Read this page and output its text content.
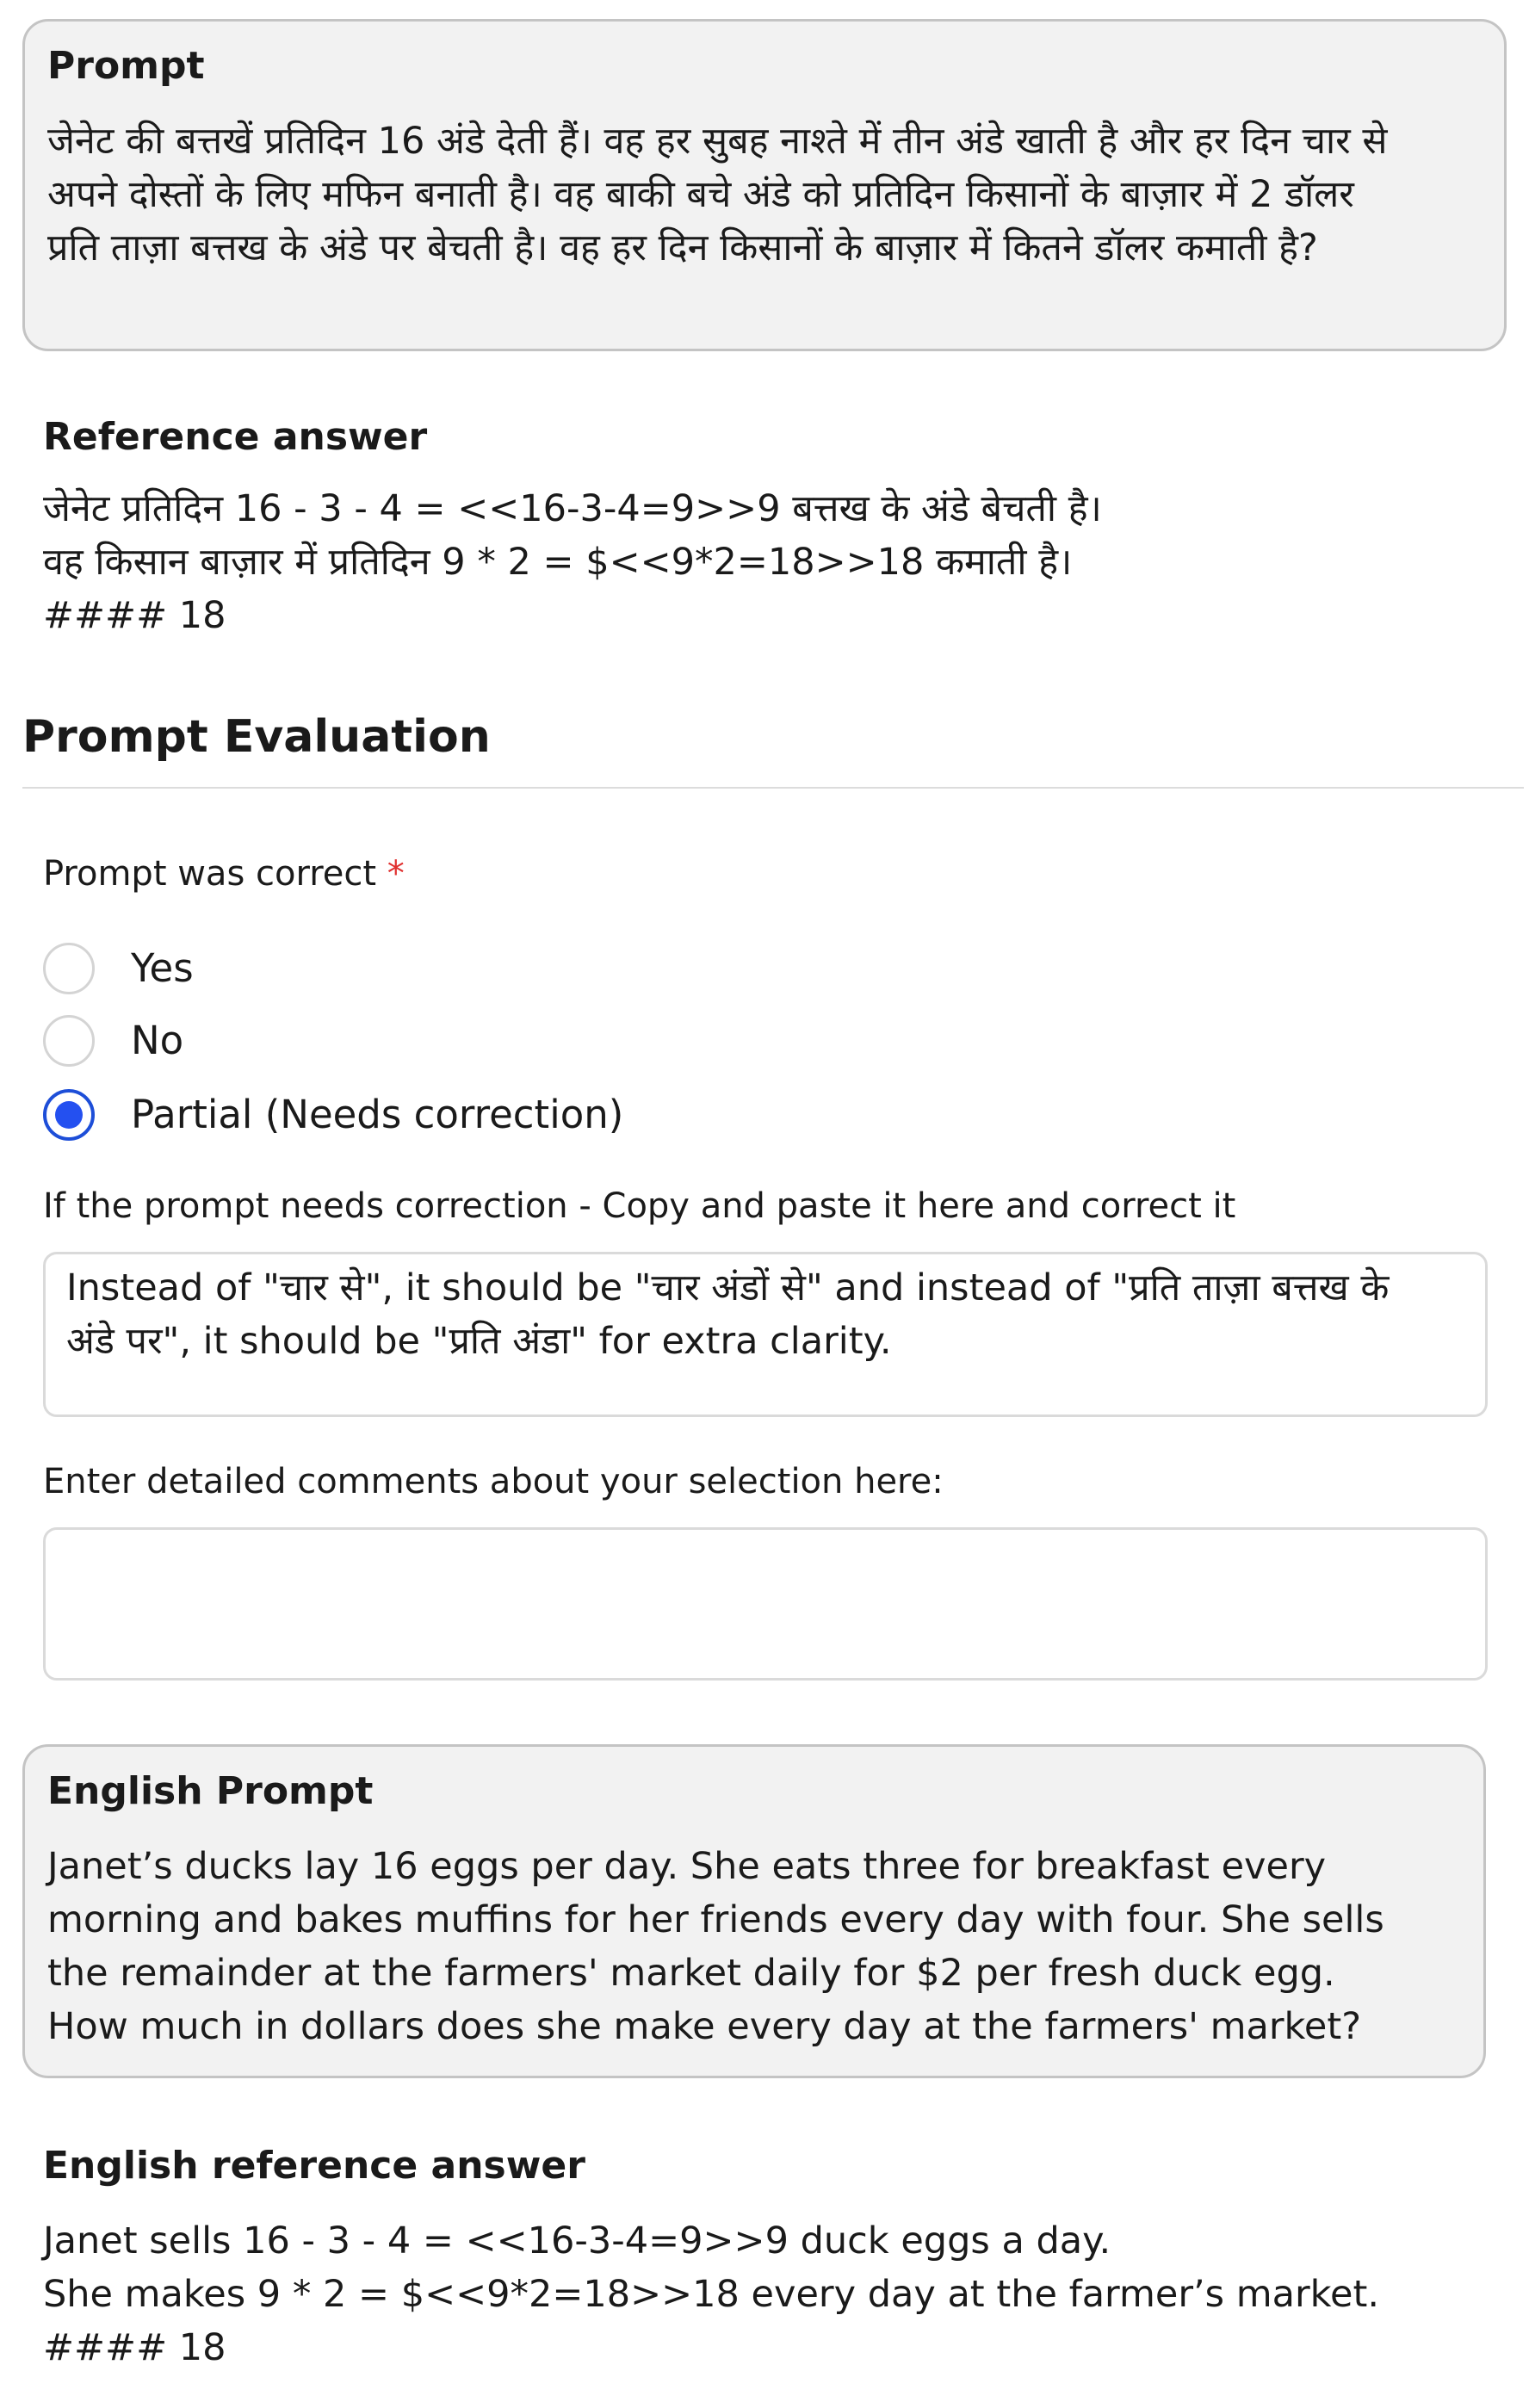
Prompt

जेनेट की बत्तखें प्रतिदिन 16 अंडे देती हैं। वह हर सुबह नाश्ते में तीन अंडे खाती है और हर दिन चार से
अपने दोस्तों के लिए मफिन बनाती है। वह बाकी बचे अंडे को प्रतिदिन किसानों के बाज़ार में 2 डॉलर
प्रति ताज़ा बत्तख के अंडे पर बेचती है। वह हर दिन किसानों के बाज़ार में कितने डॉलर कमाती है?

Reference answer

जेनेट प्रतिदिन 16 - 3 - 4 = <<16-3-4=9>>9 बत्तख के अंडे बेचती है।

वह किसान बाज़ार में प्रतिदिन 9 * 2 = $<<9*2=18>>18 कमाती है।

#### 18

Prompt Evaluation

Prompt was correct *

Yes
No
Partial (Needs correction)

If the prompt needs correction - Copy and paste it here and correct it

Instead of "चार से", it should be "चार अंडों से" and instead of "प्रति ताज़ा बत्तख के
अंडे पर", it should be "प्रति अंडा" for extra clarity.

Enter detailed comments about your selection here:

English Prompt

Janet’s ducks lay 16 eggs per day. She eats three for breakfast every
morning and bakes muffins for her friends every day with four. She sells
the remainder at the farmers' market daily for $2 per fresh duck egg.
How much in dollars does she make every day at the farmers' market?

English reference answer

Janet sells 16 - 3 - 4 = <<16-3-4=9>>9 duck eggs a day.

She makes 9 * 2 = $<<9*2=18>>18 every day at the farmer’s market.

#### 18
